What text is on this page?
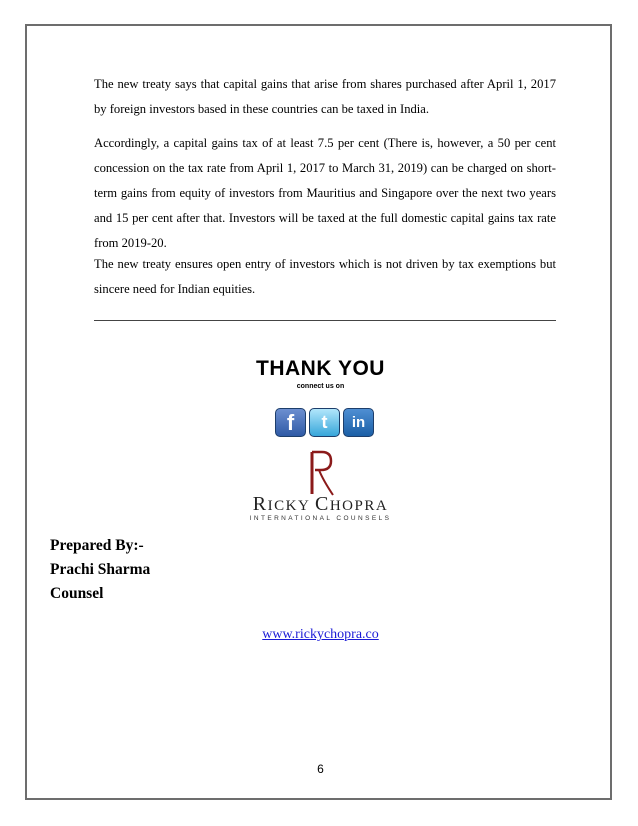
The new treaty says that capital gains that arise from shares purchased after April 1, 2017 by foreign investors based in these countries can be taxed in India.
Accordingly, a capital gains tax of at least 7.5 per cent (There is, however, a 50 per cent concession on the tax rate from April 1, 2017 to March 31, 2019) can be charged on short-term gains from equity of investors from Mauritius and Singapore over the next two years and 15 per cent after that. Investors will be taxed at the full domestic capital gains tax rate from 2019-20.
The new treaty ensures open entry of investors which is not driven by tax exemptions but sincere need for Indian equities.
THANK YOU
connect us on
f	t	in
RICKY CHOPRA
INTERNATIONAL COUNSELS
Prepared By:-
Prachi Sharma
Counsel
www.rickychopra.co
6
